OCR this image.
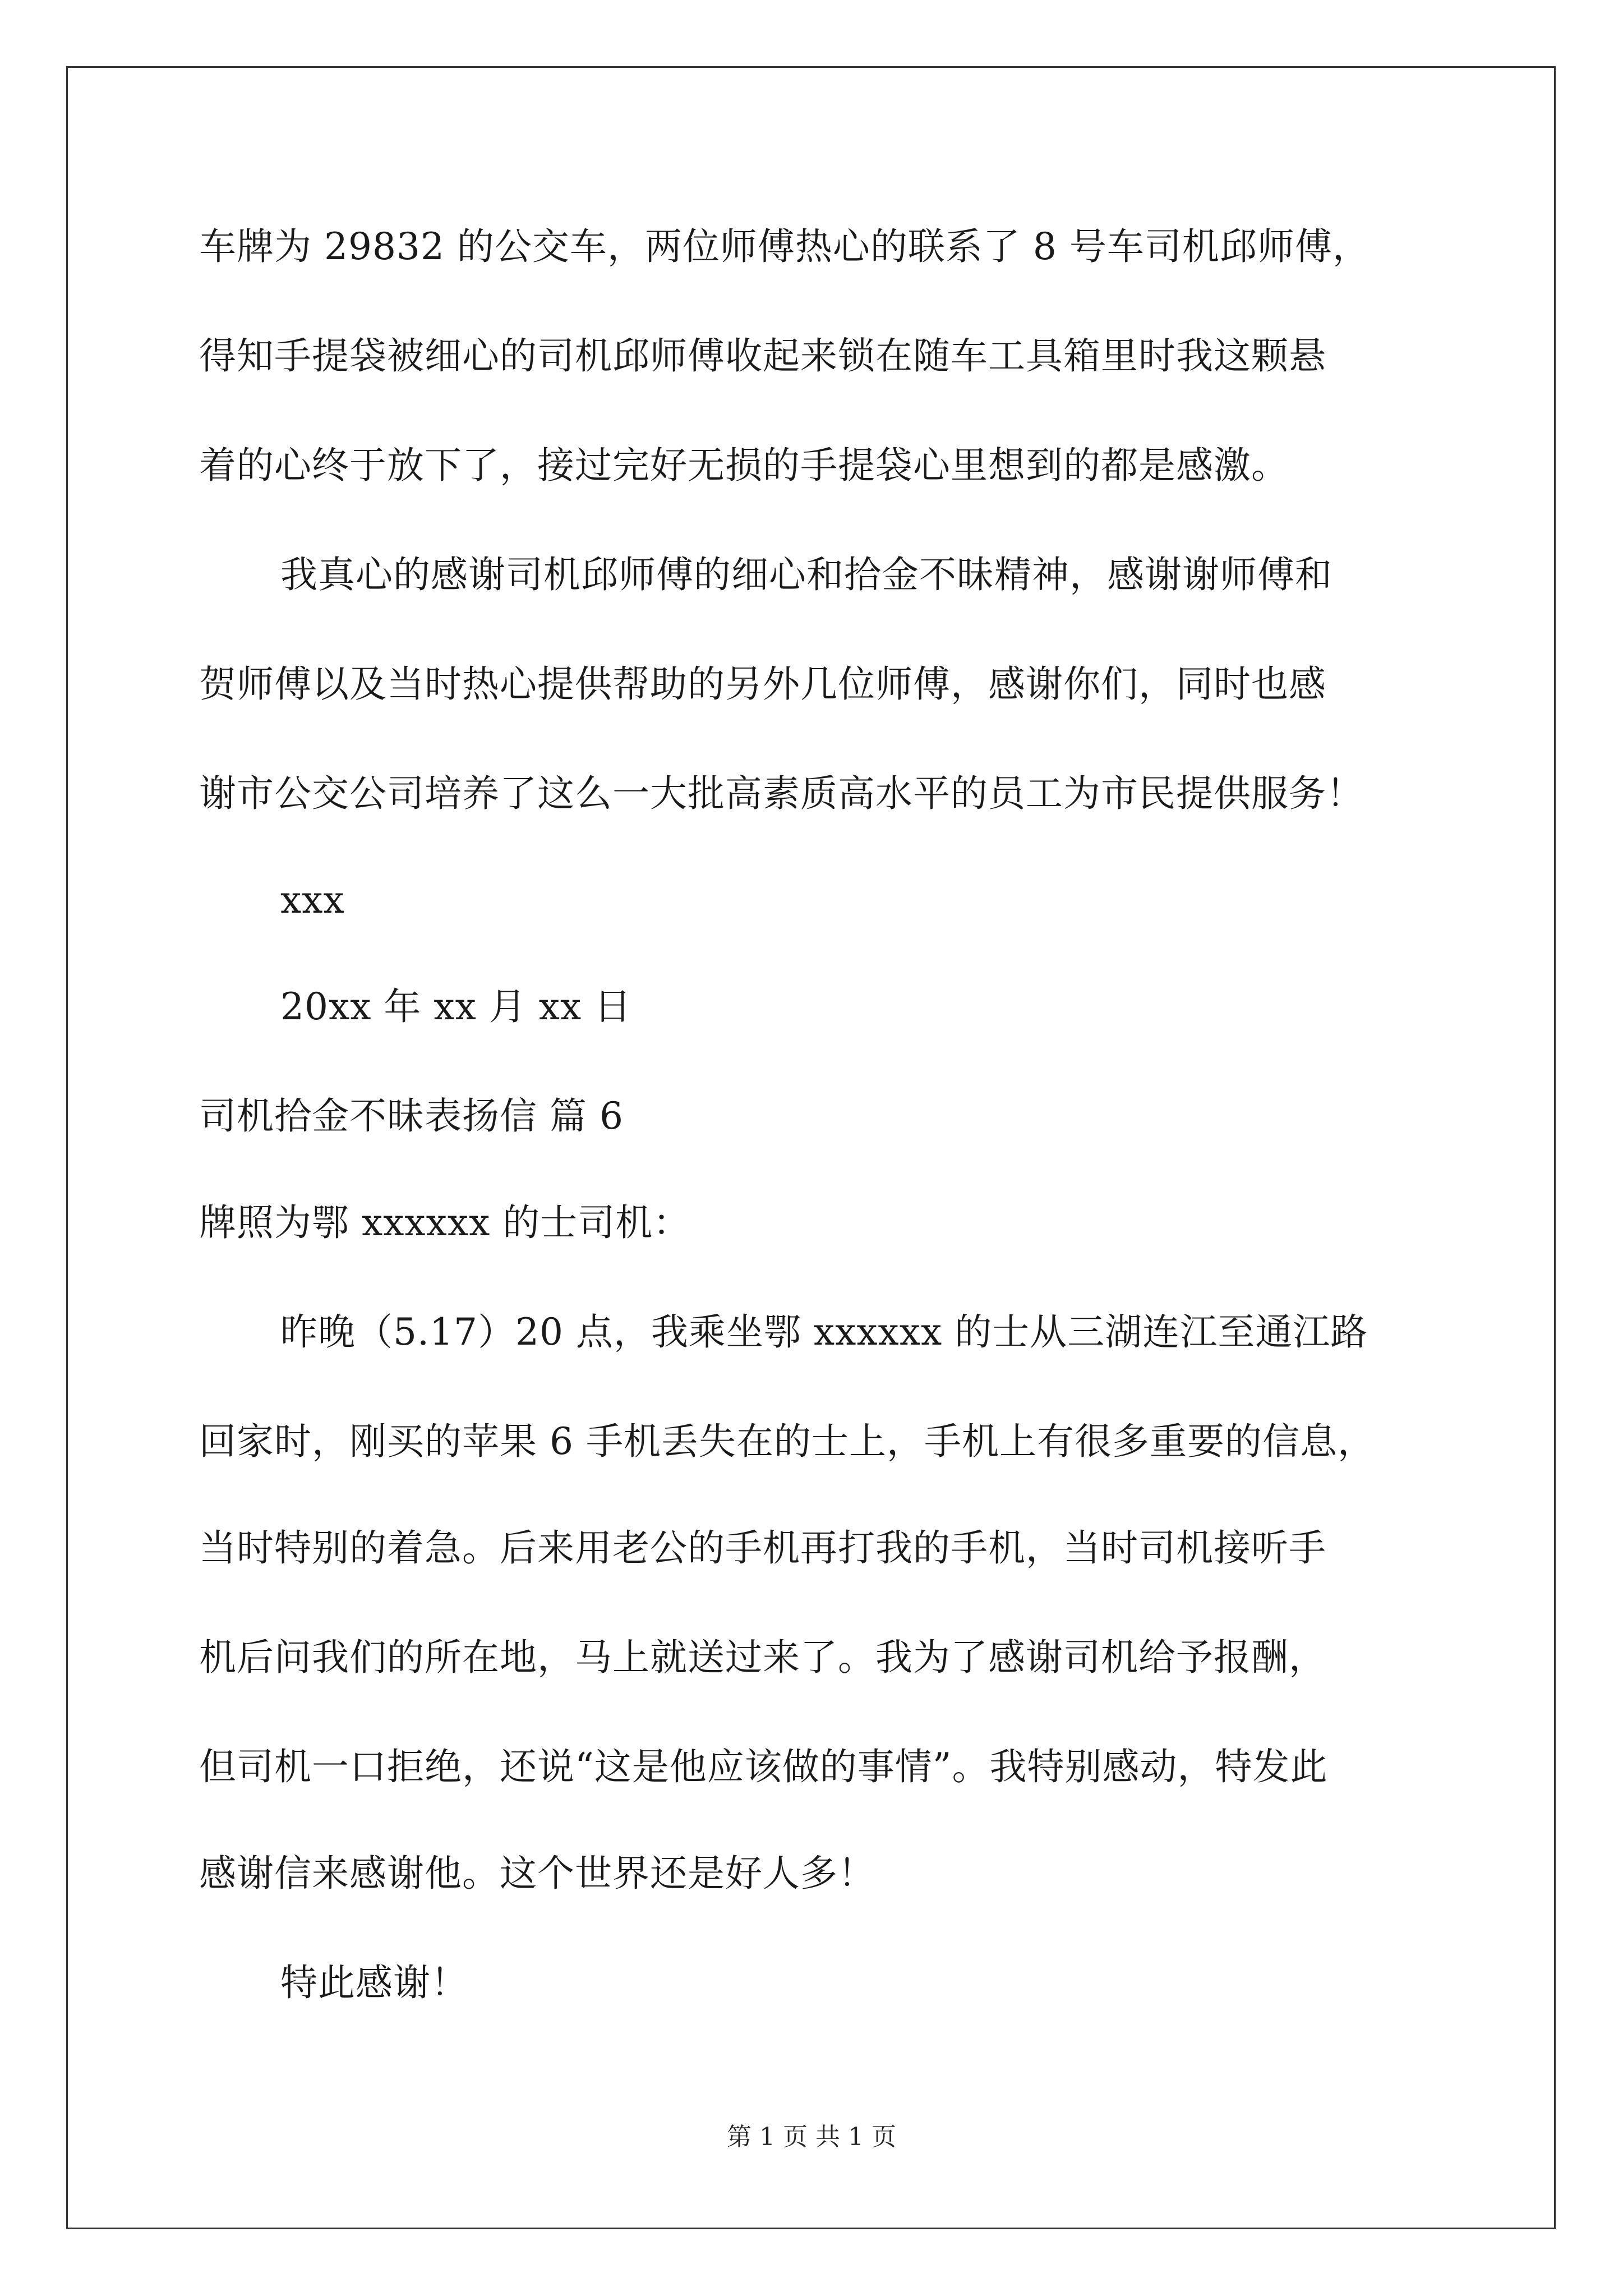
车牌为 29832 的公交车，两位师傅热心的联系了 8 号车司机邱师傅，
得知手提袋被细心的司机邱师傅收起来锁在随车工具箱里时我这颗悬
着的心终于放下了，接过完好无损的手提袋心里想到的都是感激。
我真心的感谢司机邱师傅的细心和拾金不昧精神，感谢谢师傅和
贺师傅以及当时热心提供帮助的另外几位师傅，感谢你们，同时也感
谢市公交公司培养了这么一大批高素质高水平的员工为市民提供服务！
xxx
20xx 年 xx 月 xx 日
司机拾金不昧表扬信 篇 6
牌照为鄂 xxxxxx 的士司机：
昨晚（5.17）20 点，我乘坐鄂 xxxxxx 的士从三湖连江至通江路
回家时，刚买的苹果 6 手机丢失在的士上，手机上有很多重要的信息，
当时特别的着急。后来用老公的手机再打我的手机，当时司机接听手
机后问我们的所在地，马上就送过来了。我为了感谢司机给予报酬，
但司机一口拒绝，还说“这是他应该做的事情”。我特别感动，特发此
感谢信来感谢他。这个世界还是好人多！
特此感谢！
第 1 页 共 1 页
